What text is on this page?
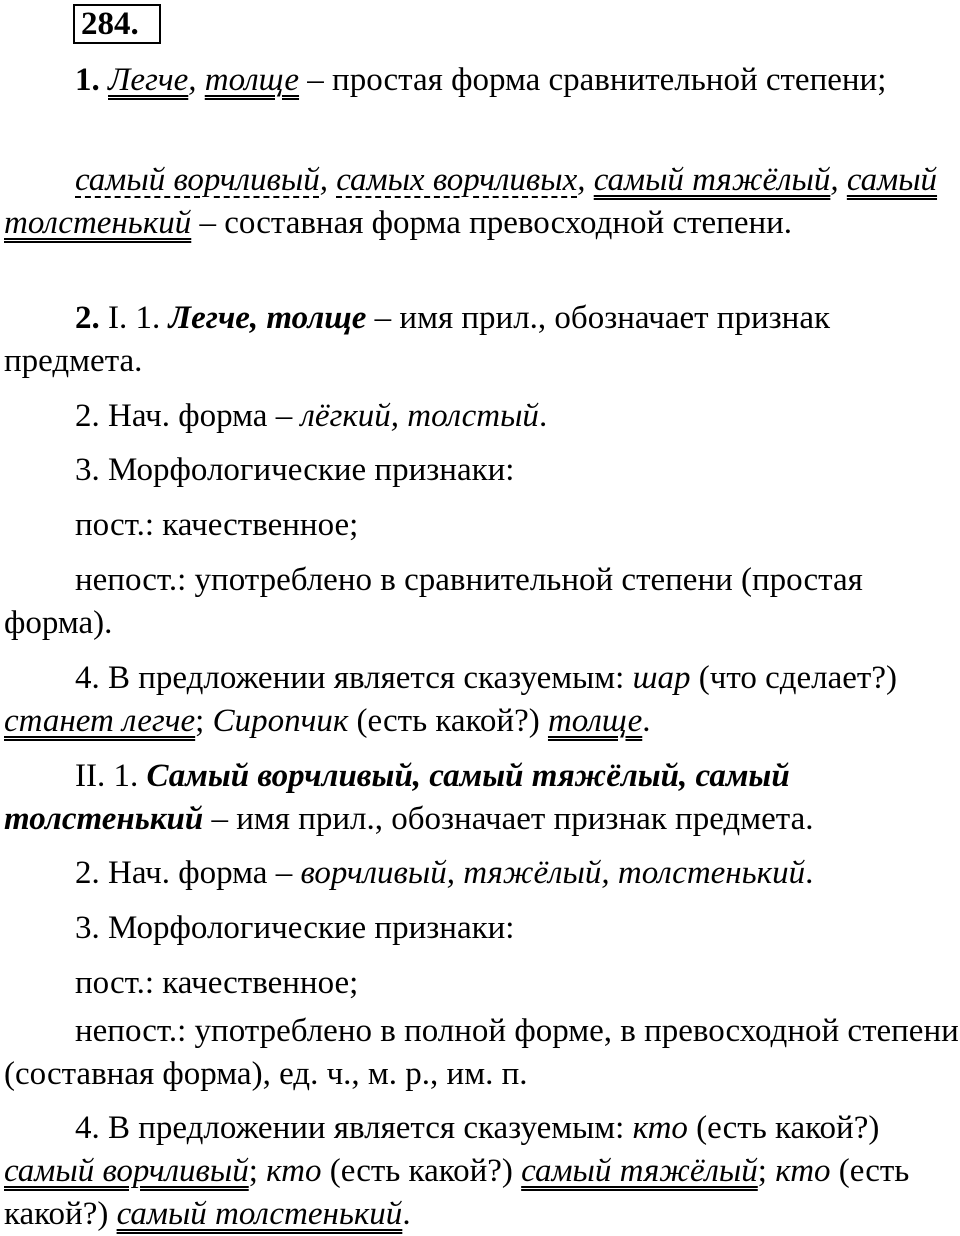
284.

1. Легче, толще – простая форма сравнительной степени;

самый ворчливый, самых ворчливых, самый тяжёлый, самый толстенький – составная форма превосходной степени.

2. I. 1. Легче, толще – имя прил., обозначает признак предмета.

2. Нач. форма – лёгкий, толстый.

3. Морфологические признаки:

пост.: качественное;

непост.: употреблено в сравнительной степени (простая форма).

4. В предложении является сказуемым: шар (что сделает?) станет легче; Сиропчик (есть какой?) толще.

II. 1. Самый ворчливый, самый тяжёлый, самый толстенький – имя прил., обозначает признак предмета.

2. Нач. форма – ворчливый, тяжёлый, толстенький.

3. Морфологические признаки:

пост.: качественное;

непост.: употреблено в полной форме, в превосходной степени (составная форма), ед. ч., м. р., им. п.

4. В предложении является сказуемым: кто (есть какой?) самый ворчливый; кто (есть какой?) самый тяжёлый; кто (есть какой?) самый толстенький.
